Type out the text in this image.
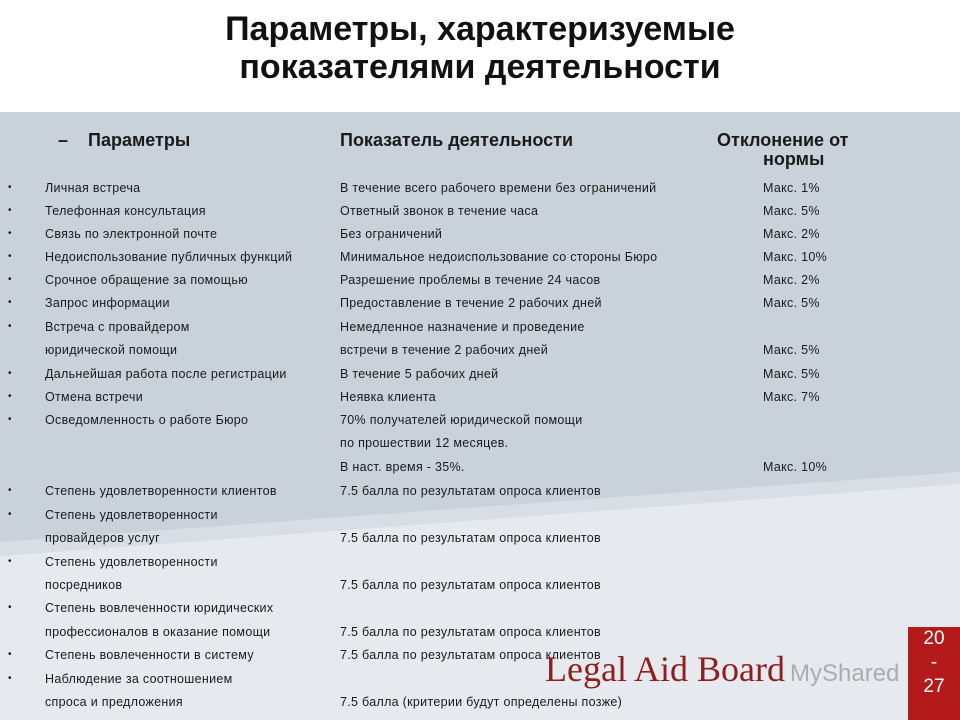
Параметры, характеризуемые
показателями деятельности
– Параметры	Показатель деятельности	Отклонение от
нормы
•	Личная встреча	В течение всего рабочего времени без ограничений	Макс. 1%
•	Телефонная консультация	Ответный звонок в течение часа	Макс. 5%
•	Связь по электронной почте	Без ограничений	Макс. 2%
•	Недоиспользование публичных функций	Минимальное недоиспользование со стороны Бюро	Макс. 10%
•	Срочное обращение за помощью	Разрешение проблемы в течение 24 часов	Макс. 2%
•	Запрос информации	Предоставление в течение 2 рабочих дней	Макс. 5%
•	Встреча с провайдером	Немедленное назначение и проведение
юридической помощи	встречи в течение 2 рабочих дней	Макс. 5%
•	Дальнейшая работа после регистрации	В течение 5 рабочих дней	Макс. 5%
•	Отмена встречи	Неявка клиента	Макс. 7%
•	Осведомленность о работе Бюро	70% получателей юридической помощи
по прошествии 12 месяцев.
В наст. время - 35%.	Макс. 10%
•	Степень удовлетворенности клиентов	7.5 балла по результатам опроса клиентов
•	Степень удовлетворенности
провайдеров услуг	7.5 балла по результатам опроса клиентов
•	Степень удовлетворенности
посредников	7.5 балла по результатам опроса клиентов
•	Степень вовлеченности юридических
профессионалов в оказание помощи	7.5 балла по результатам опроса клиентов
•	Степень вовлеченности в систему	7.5 балла по результатам опроса клиентов
•	Наблюдение за соотношением
спроса и предложения	7.5 балла (критерии будут определены позже)
Legal Aid Board MyShared
20
-
27
